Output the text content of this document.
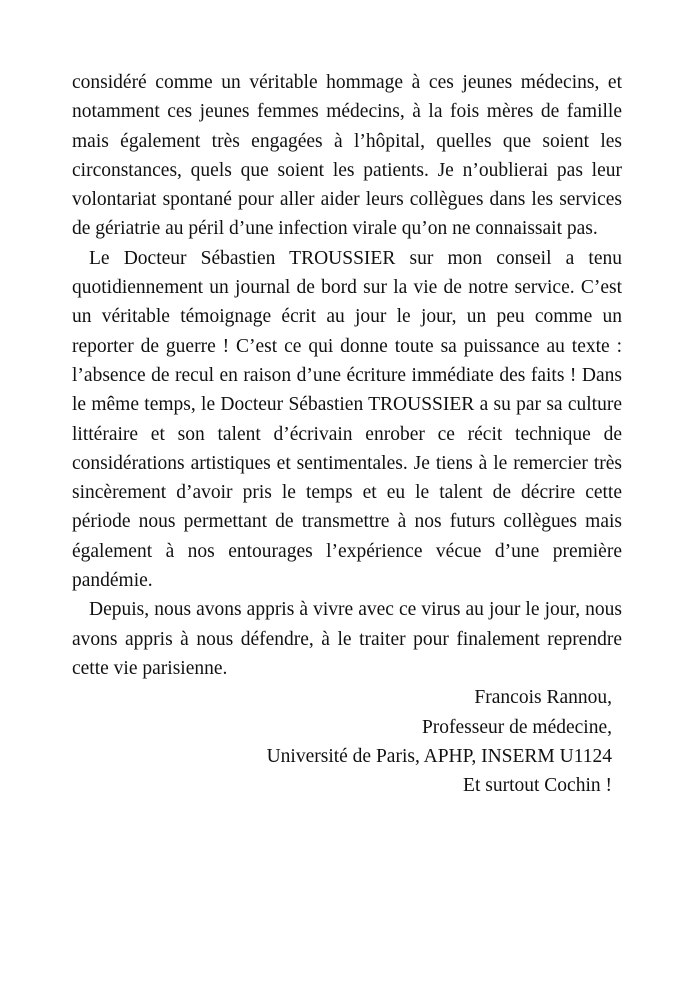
considéré comme un véritable hommage à ces jeunes médecins, et notamment ces jeunes femmes médecins, à la fois mères de famille mais également très engagées à l’hôpital, quelles que soient les circonstances, quels que soient les patients. Je n’oublierai pas leur volontariat spontané pour aller aider leurs collègues dans les services de gériatrie au péril d’une infection virale qu’on ne connaissait pas.

Le Docteur Sébastien TROUSSIER sur mon conseil a tenu quotidiennement un journal de bord sur la vie de notre service. C’est un véritable témoignage écrit au jour le jour, un peu comme un reporter de guerre ! C’est ce qui donne toute sa puissance au texte : l’absence de recul en raison d’une écriture immédiate des faits ! Dans le même temps, le Docteur Sébastien TROUSSIER a su par sa culture littéraire et son talent d’écrivain enrober ce récit technique de considérations artistiques et sentimentales. Je tiens à le remercier très sincèrement d’avoir pris le temps et eu le talent de décrire cette période nous permettant de transmettre à nos futurs collègues mais également à nos entourages l’expérience vécue d’une première pandémie.

Depuis, nous avons appris à vivre avec ce virus au jour le jour, nous avons appris à nous défendre, à le traiter pour finalement reprendre cette vie parisienne.

Francois Rannou,
Professeur de médecine,
Université de Paris, APHP, INSERM U1124
Et surtout Cochin !
